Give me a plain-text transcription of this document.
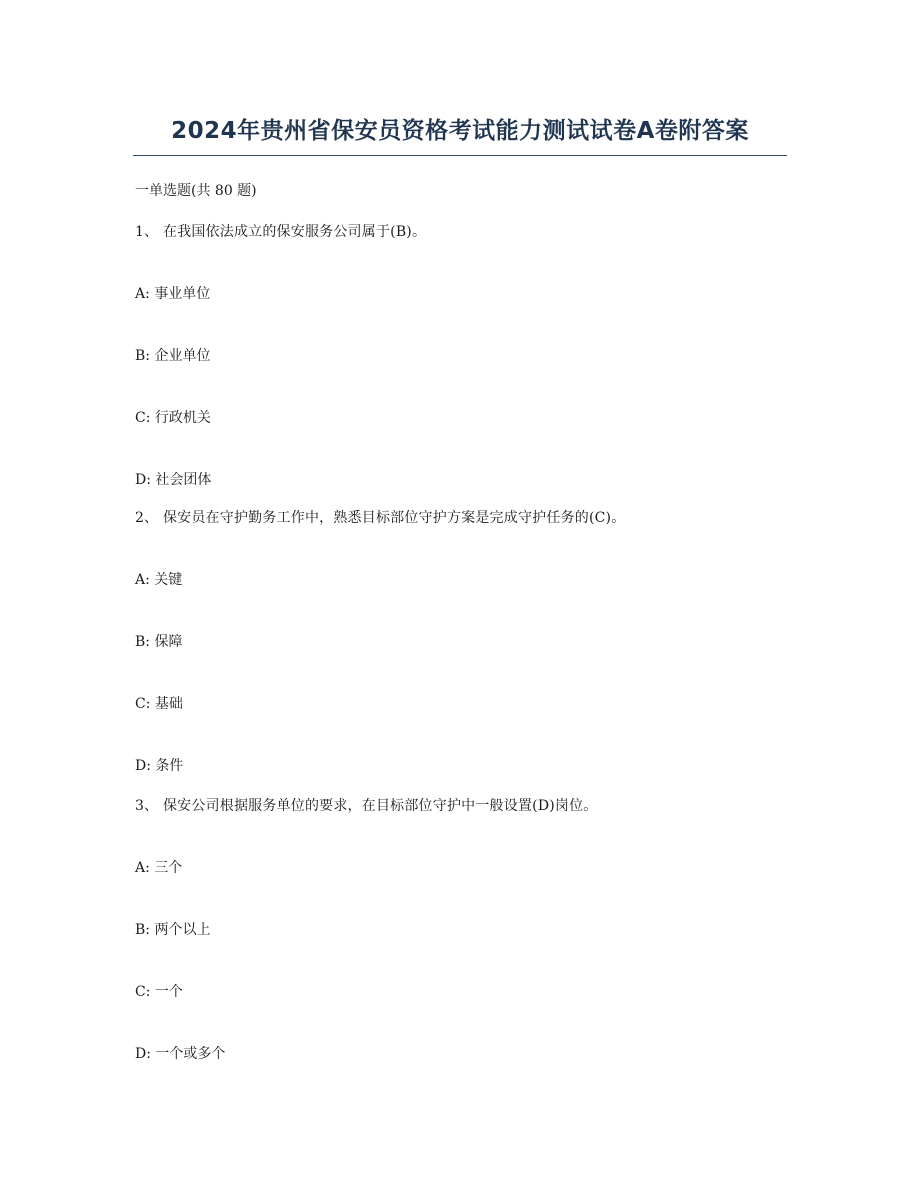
2024年贵州省保安员资格考试能力测试试卷A卷附答案
一单选题(共 80 题)
1、 在我国依法成立的保安服务公司属于(B)。
A: 事业单位
B: 企业单位
C: 行政机关
D: 社会团体
2、 保安员在守护勤务工作中，熟悉目标部位守护方案是完成守护任务的(C)。
A: 关键
B: 保障
C: 基础
D: 条件
3、 保安公司根据服务单位的要求，在目标部位守护中一般设置(D)岗位。
A: 三个
B: 两个以上
C: 一个
D: 一个或多个
